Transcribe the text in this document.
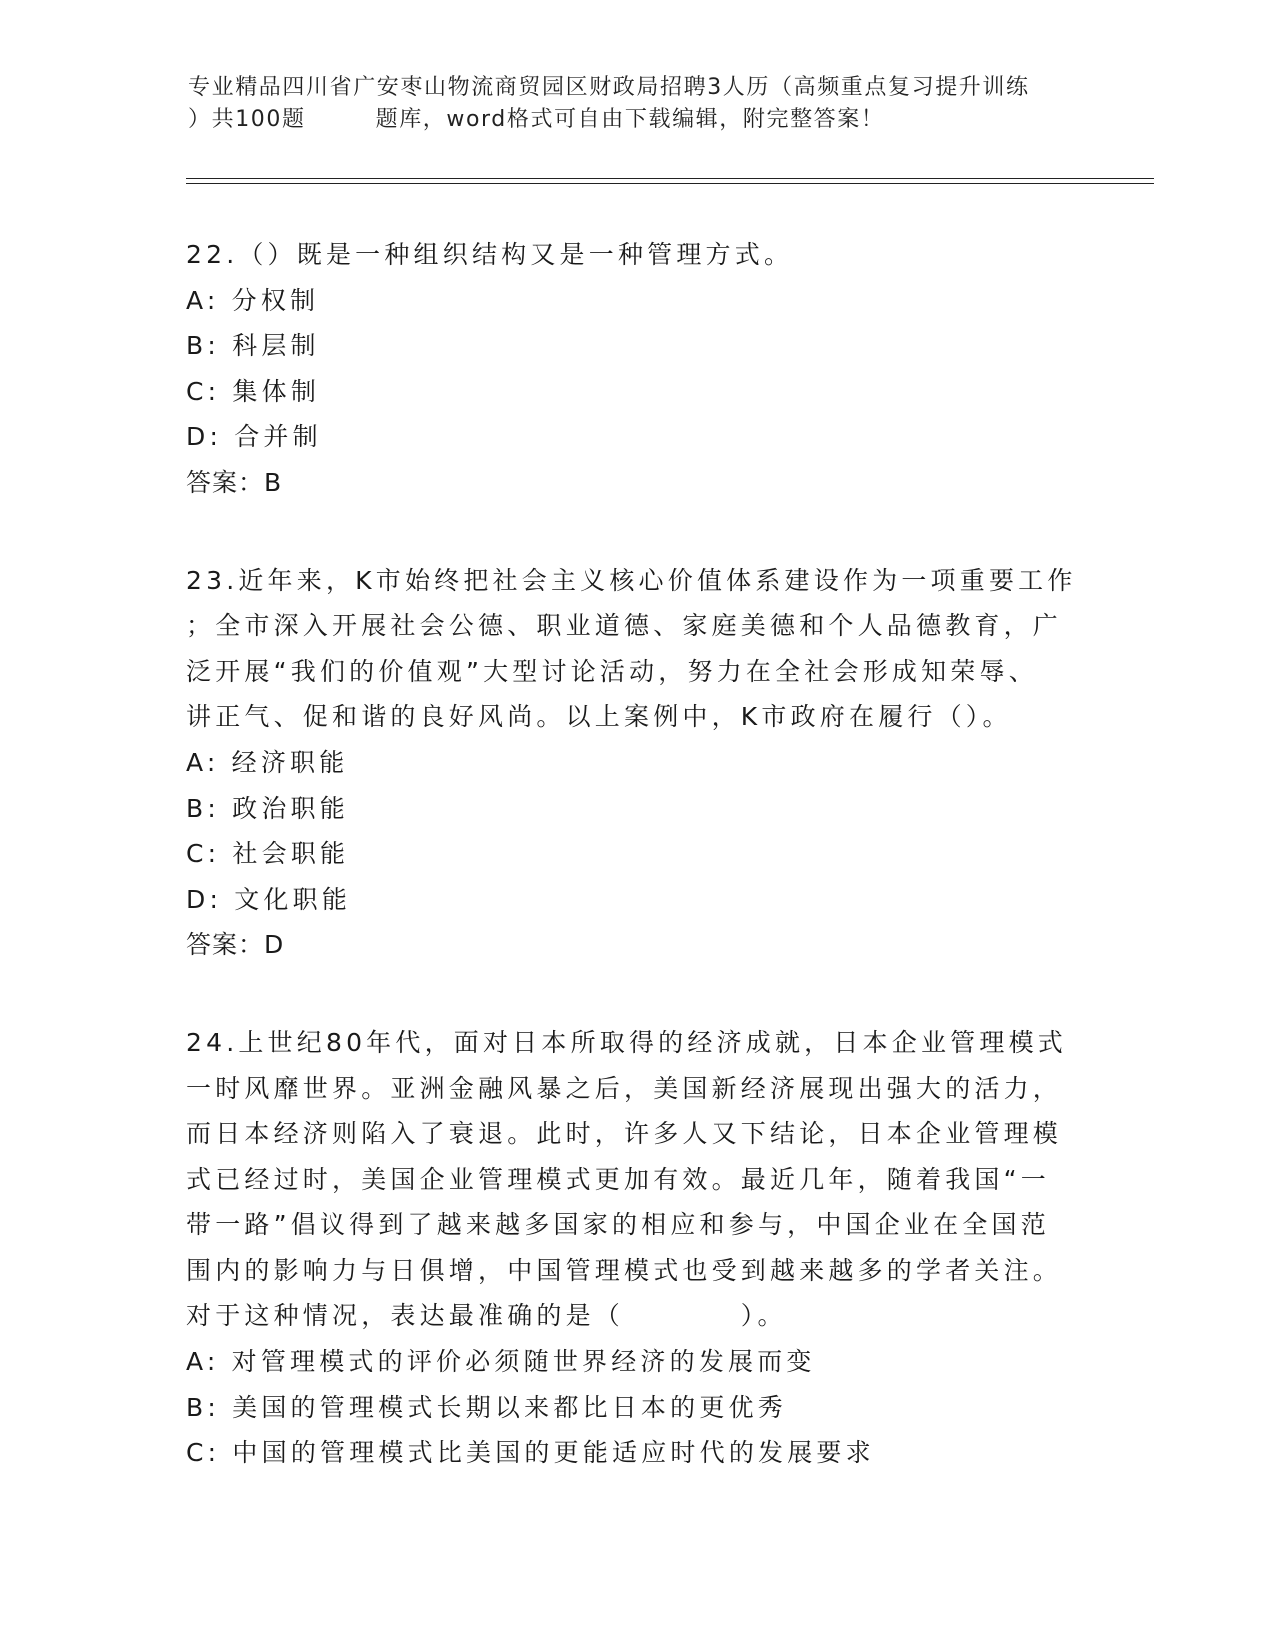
专业精品四川省广安枣山物流商贸园区财政局招聘3人历（高频重点复习提升训练
）共100题	题库，word格式可自由下载编辑，附完整答案！
22.（）既是一种组织结构又是一种管理方式。
A: 分权制
B: 科层制
C: 集体制
D: 合并制
答案：B
23.近年来，K市始终把社会主义核心价值体系建设作为一项重要工作
；全市深入开展社会公德、职业道德、家庭美德和个人品德教育，广
泛开展“我们的价值观”大型讨论活动，努力在全社会形成知荣辱、
讲正气、促和谐的良好风尚。以上案例中，K市政府在履行（）。
A: 经济职能
B: 政治职能
C: 社会职能
D: 文化职能
答案：D
24.上世纪80年代，面对日本所取得的经济成就，日本企业管理模式
一时风靡世界。亚洲金融风暴之后，美国新经济展现出强大的活力，
而日本经济则陷入了衰退。此时，许多人又下结论，日本企业管理模
式已经过时，美国企业管理模式更加有效。最近几年，随着我国“一
带一路”倡议得到了越来越多国家的相应和参与，中国企业在全国范
围内的影响力与日俱增，中国管理模式也受到越来越多的学者关注。
对于这种情况，表达最准确的是（　　　　）。
A: 对管理模式的评价必须随世界经济的发展而变
B: 美国的管理模式长期以来都比日本的更优秀
C: 中国的管理模式比美国的更能适应时代的发展要求
